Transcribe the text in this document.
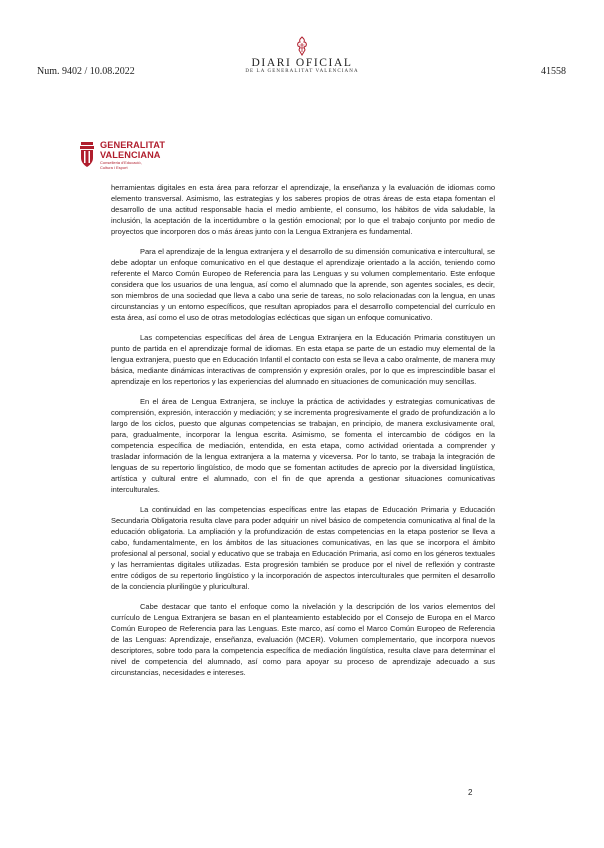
Num. 9402 / 10.08.2022
DIARI OFICIAL
DE LA GENERALITAT VALENCIANA	41558
GENERALITAT
VALENCIANA
Conselleria d'Educació,
Cultura i Esport

herramientas digitales en esta área para reforzar el aprendizaje, la enseñanza y la evaluación de idiomas como elemento transversal. Asimismo, las estrategias y los saberes propios de otras áreas de esta etapa fomentan el desarrollo de una actitud responsable hacia el medio ambiente, el consumo, los hábitos de vida saludable, la inclusión, la aceptación de la incertidumbre o la gestión emocional; por lo que el trabajo conjunto por medio de proyectos que incorporen dos o más áreas junto con la Lengua Extranjera es fundamental.

Para el aprendizaje de la lengua extranjera y el desarrollo de su dimensión comunicativa e intercultural, se debe adoptar un enfoque comunicativo en el que destaque el aprendizaje orientado a la acción, teniendo como referente el Marco Común Europeo de Referencia para las Lenguas y su volumen complementario. Este enfoque considera que los usuarios de una lengua, así como el alumnado que la aprende, son agentes sociales, es decir, son miembros de una sociedad que lleva a cabo una serie de tareas, no solo relacionadas con la lengua, en unas circunstancias y un entorno específicos, que resultan apropiados para el desarrollo competencial del currículo en esta área, así como el uso de otras metodologías eclécticas que sigan un enfoque comunicativo.

Las competencias específicas del área de Lengua Extranjera en la Educación Primaria constituyen un punto de partida en el aprendizaje formal de idiomas. En esta etapa se parte de un estadio muy elemental de la lengua extranjera, puesto que en Educación Infantil el contacto con esta se lleva a cabo oralmente, de manera muy básica, mediante dinámicas interactivas de comprensión y expresión orales, por lo que es imprescindible basar el aprendizaje en los repertorios y las experiencias del alumnado en situaciones de comunicación muy sencillas.

En el área de Lengua Extranjera, se incluye la práctica de actividades y estrategias comunicativas de comprensión, expresión, interacción y mediación; y se incrementa progresivamente el grado de profundización a lo largo de los ciclos, puesto que algunas competencias se trabajan, en principio, de manera exclusivamente oral, para, gradualmente, incorporar la lengua escrita. Asimismo, se fomenta el intercambio de códigos en la competencia específica de mediación, entendida, en esta etapa, como actividad orientada a comprender y trasladar información de la lengua extranjera a la materna y viceversa. Por lo tanto, se trabaja la integración de lenguas de su repertorio lingüístico, de modo que se fomentan actitudes de aprecio por la diversidad lingüística, artística y cultural entre el alumnado, con el fin de que aprenda a gestionar situaciones comunicativas interculturales.

La continuidad en las competencias específicas entre las etapas de Educación Primaria y Educación Secundaria Obligatoria resulta clave para poder adquirir un nivel básico de competencia comunicativa al final de la educación obligatoria. La ampliación y la profundización de estas competencias en la etapa posterior se lleva a cabo, fundamentalmente, en los ámbitos de las situaciones comunicativas, en las que se incorpora el ámbito profesional al personal, social y educativo que se trabaja en Educación Primaria, así como en los géneros textuales y las herramientas digitales utilizadas. Esta progresión también se produce por el nivel de reflexión y contraste entre códigos de su repertorio lingüístico y la incorporación de aspectos interculturales que permiten el desarrollo de la conciencia plurilingüe y pluricultural.

Cabe destacar que tanto el enfoque como la nivelación y la descripción de los varios elementos del currículo de Lengua Extranjera se basan en el planteamiento establecido por el Consejo de Europa en el Marco Común Europeo de Referencia para las Lenguas. Este marco, así como el Marco Común Europeo de Referencia de las Lenguas: Aprendizaje, enseñanza, evaluación (MCER). Volumen complementario, que incorpora nuevos descriptores, sobre todo para la competencia específica de mediación lingüística, resulta clave para determinar el nivel de competencia del alumnado, así como para apoyar su proceso de aprendizaje adecuado a sus circunstancias, necesidades e intereses.

2
